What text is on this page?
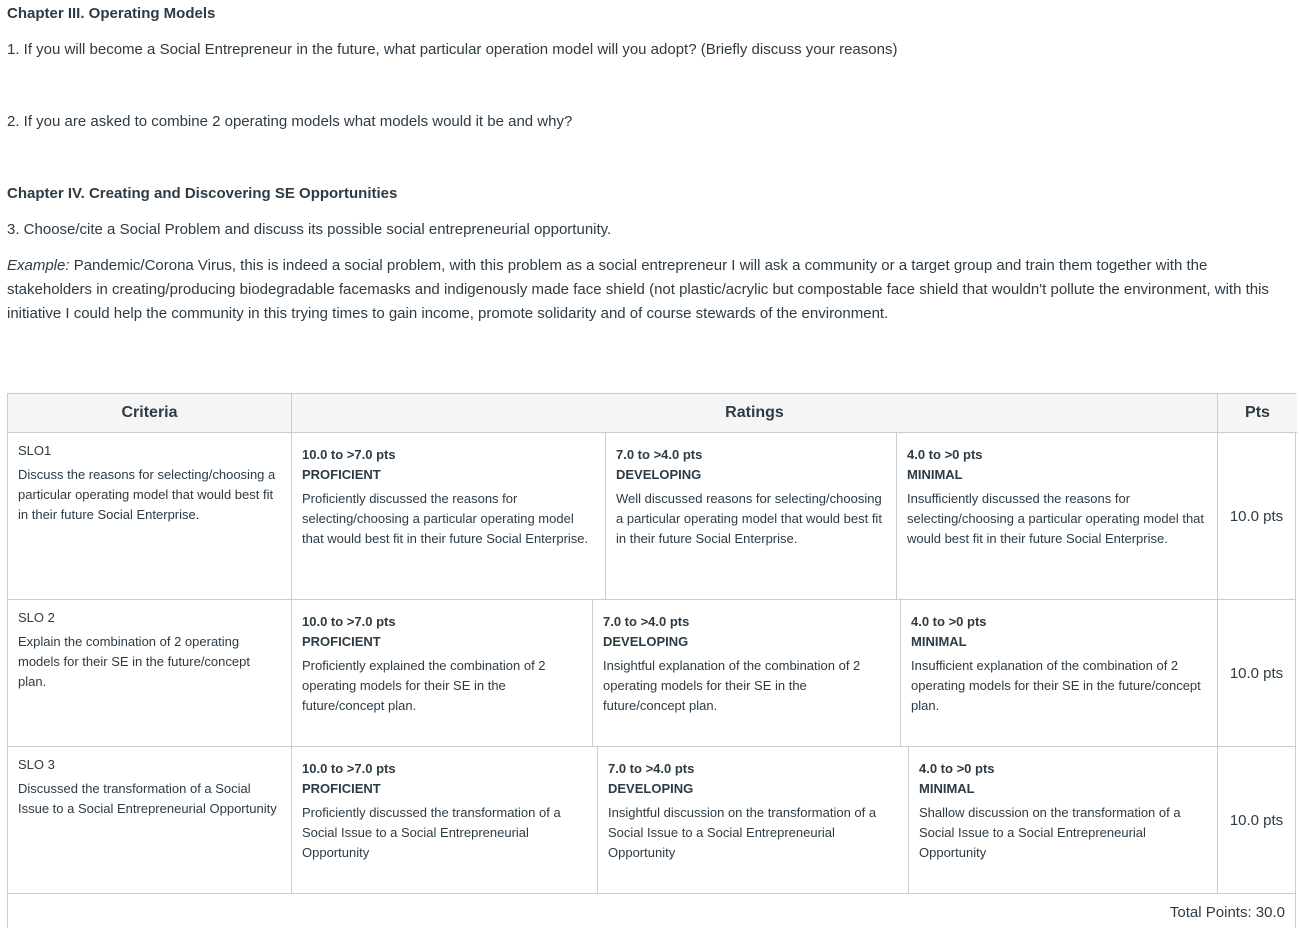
Chapter III. Operating Models
1. If you will become a Social Entrepreneur in the future, what particular operation model will you adopt? (Briefly discuss your reasons)
2. If you are asked to combine 2 operating models what models would it be and why?
Chapter IV. Creating and Discovering SE Opportunities
3. Choose/cite a Social Problem and discuss its possible social entrepreneurial opportunity.
Example: Pandemic/Corona Virus, this is indeed a social problem, with this problem as a social entrepreneur I will ask a community or a target group and train them together with the stakeholders in creating/producing biodegradable facemasks and indigenously made face shield (not plastic/acrylic but compostable face shield that wouldn't pollute the environment, with this initiative I could help the community in this trying times to gain income, promote solidarity and of course stewards of the environment.
Criteria	Ratings	Pts
SLO1
Discuss the reasons for selecting/choosing a particular operating model that would best fit in their future Social Enterprise.
10.0 to >7.0 pts
PROFICIENT
Proficiently discussed the reasons for selecting/choosing a particular operating model that would best fit in their future Social Enterprise.
7.0 to >4.0 pts
DEVELOPING
Well discussed reasons for selecting/choosing a particular operating model that would best fit in their future Social Enterprise.
4.0 to >0 pts
MINIMAL
Insufficiently discussed the reasons for selecting/choosing a particular operating model that would best fit in their future Social Enterprise.
10.0 pts
SLO 2
Explain the combination of 2 operating models for their SE in the future/concept plan.
10.0 to >7.0 pts
PROFICIENT
Proficiently explained the combination of 2 operating models for their SE in the future/concept plan.
7.0 to >4.0 pts
DEVELOPING
Insightful explanation of the combination of 2 operating models for their SE in the future/concept plan.
4.0 to >0 pts
MINIMAL
Insufficient explanation of the combination of 2 operating models for their SE in the future/concept plan.
10.0 pts
SLO 3
Discussed the transformation of a Social Issue to a Social Entrepreneurial Opportunity
10.0 to >7.0 pts
PROFICIENT
Proficiently discussed the transformation of a Social Issue to a Social Entrepreneurial Opportunity
7.0 to >4.0 pts
DEVELOPING
Insightful discussion on the transformation of a Social Issue to a Social Entrepreneurial Opportunity
4.0 to >0 pts
MINIMAL
Shallow discussion on the transformation of a Social Issue to a Social Entrepreneurial Opportunity
10.0 pts
Total Points: 30.0
